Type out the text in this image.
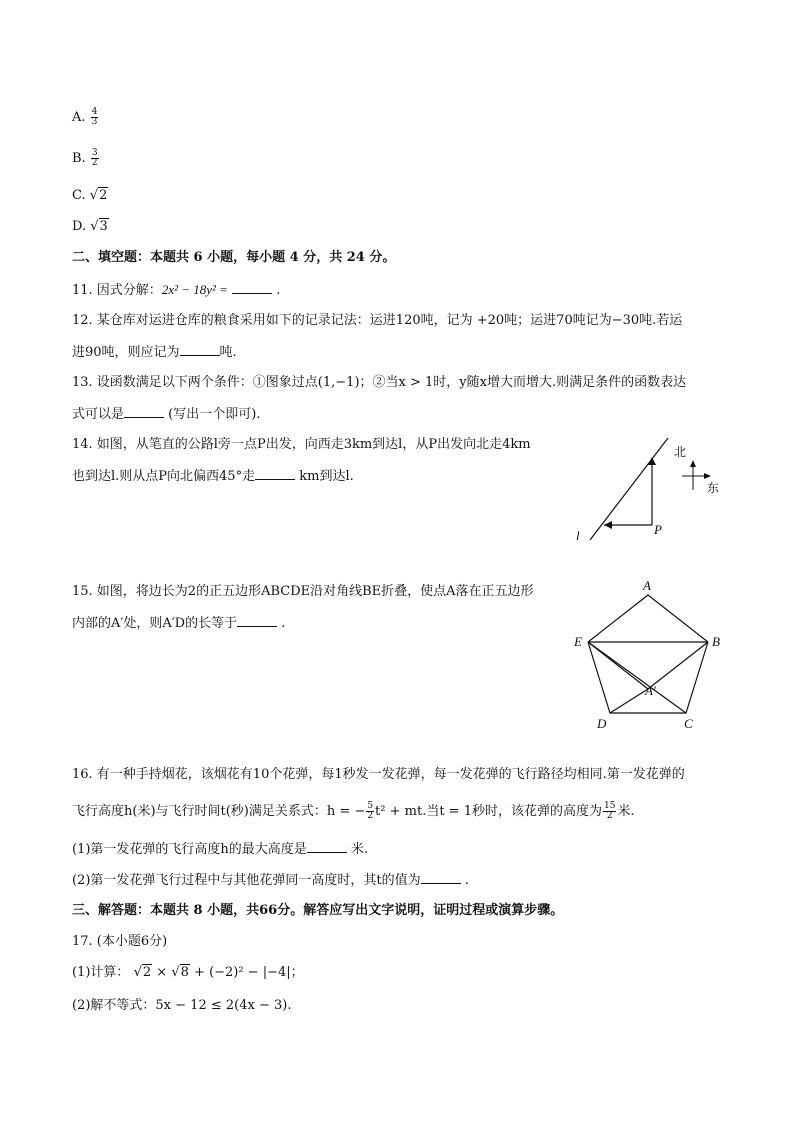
A. $\frac{4}{3}$
B. $\frac{3}{2}$
C. √2
D. √3
二、填空题：本题共 6 小题，每小题 4 分，共 24 分。
11. 因式分解：2x² − 18y² =	.
12. 某仓库对运进仓库的粮食采用如下的记录记法：运进120吨，记为 +20吨；运进70吨记为−30吨.若运
进90吨，则应记为	吨.
13. 设函数满足以下两个条件：①图象过点(1,−1)；②当x > 1时，y随x增大而增大.则满足条件的函数表达
式可以是	(写出一个即可).
14. 如图，从笔直的公路l旁一点P出发，向西走3km到达l，从P出发向北走4km
也到达l.则从点P向北偏西45°走	km到达l.
北
东
l	P
15. 如图，将边长为2的正五边形ABCDE沿对角线BE折叠，使点A落在正五边形
内部的A′处，则A′D的长等于	.
A
B
C
D
E
A′
16. 有一种手持烟花，该烟花有10个花弹，每1秒发一发花弹，每一发花弹的飞行路径均相同.第一发花弹的
飞行高度h(米)与飞行时间t(秒)满足关系式：h = − $\frac{5}{2} t^2$ + mt.当t = 1秒时，该花弹的高度为 $\frac{15}{2}$ 米.
(1)第一发花弹的飞行高度h的最大高度是	米.
(2)第一发花弹飞行过程中与其他花弹同一高度时，其t的值为	.
三、解答题：本题共 8 小题，共66分。解答应写出文字说明，证明过程或演算步骤。
17. (本小题6分)
(1)计算： √2 × √8 + (−2)² − |−4|；
(2)解不等式：5x − 12 ≤ 2(4x − 3).
